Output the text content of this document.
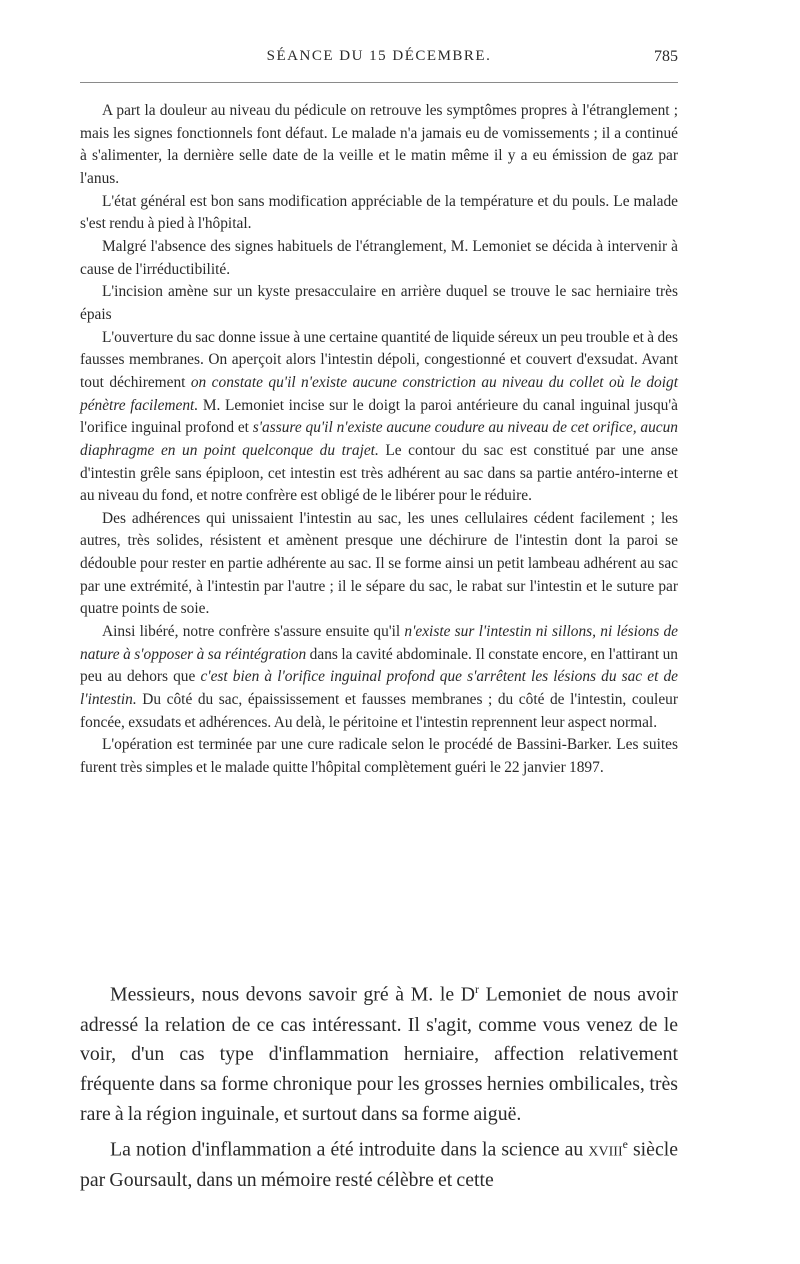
SÉANCE DU 15 DÉCEMBRE.	785

A part la douleur au niveau du pédicule on retrouve les symptômes propres à l'étranglement ; mais les signes fonctionnels font défaut. Le malade n'a jamais eu de vomissements ; il a continué à s'alimenter, la dernière selle date de la veille et le matin même il y a eu émission de gaz par l'anus.

L'état général est bon sans modification appréciable de la température et du pouls. Le malade s'est rendu à pied à l'hôpital.

Malgré l'absence des signes habituels de l'étranglement, M. Lemoniet se décida à intervenir à cause de l'irréductibilité.

L'incision amène sur un kyste presacculaire en arrière duquel se trouve le sac herniaire très épais

L'ouverture du sac donne issue à une certaine quantité de liquide séreux un peu trouble et à des fausses membranes. On aperçoit alors l'intestin dépoli, congestionné et couvert d'exsudat. Avant tout déchirement on constate qu'il n'existe aucune constriction au niveau du collet où le doigt pénètre facilement. M. Lemoniet incise sur le doigt la paroi antérieure du canal inguinal jusqu'à l'orifice inguinal profond et s'assure qu'il n'existe aucune coudure au niveau de cet orifice, aucun diaphragme en un point quelconque du trajet. Le contour du sac est constitué par une anse d'intestin grêle sans épiploon, cet intestin est très adhérent au sac dans sa partie antéro-interne et au niveau du fond, et notre confrère est obligé de le libérer pour le réduire.

Des adhérences qui unissaient l'intestin au sac, les unes cellulaires cédent facilement ; les autres, très solides, résistent et amènent presque une déchirure de l'intestin dont la paroi se dédouble pour rester en partie adhérente au sac. Il se forme ainsi un petit lambeau adhérent au sac par une extrémité, à l'intestin par l'autre ; il le sépare du sac, le rabat sur l'intestin et le suture par quatre points de soie.

Ainsi libéré, notre confrère s'assure ensuite qu'il n'existe sur l'intestin ni sillons, ni lésions de nature à s'opposer à sa réintégration dans la cavité abdominale. Il constate encore, en l'attirant un peu au dehors que c'est bien à l'orifice inguinal profond que s'arrêtent les lésions du sac et de l'intestin. Du côté du sac, épaississement et fausses membranes ; du côté de l'intestin, couleur foncée, exsudats et adhérences. Au delà, le péritoine et l'intestin reprennent leur aspect normal.

L'opération est terminée par une cure radicale selon le procédé de Bassini-Barker. Les suites furent très simples et le malade quitte l'hôpital complètement guéri le 22 janvier 1897.

Messieurs, nous devons savoir gré à M. le $D^r$ Lemoniet de nous avoir adressé la relation de ce cas intéressant. Il s'agit, comme vous venez de le voir, d'un cas type d'inflammation herniaire, affection relativement fréquente dans sa forme chronique pour les grosses hernies ombilicales, très rare à la région inguinale, et surtout dans sa forme aiguë.

La notion d'inflammation a été introduite dans la science au xviii$^e$ siècle par Goursault, dans un mémoire resté célèbre et cette
